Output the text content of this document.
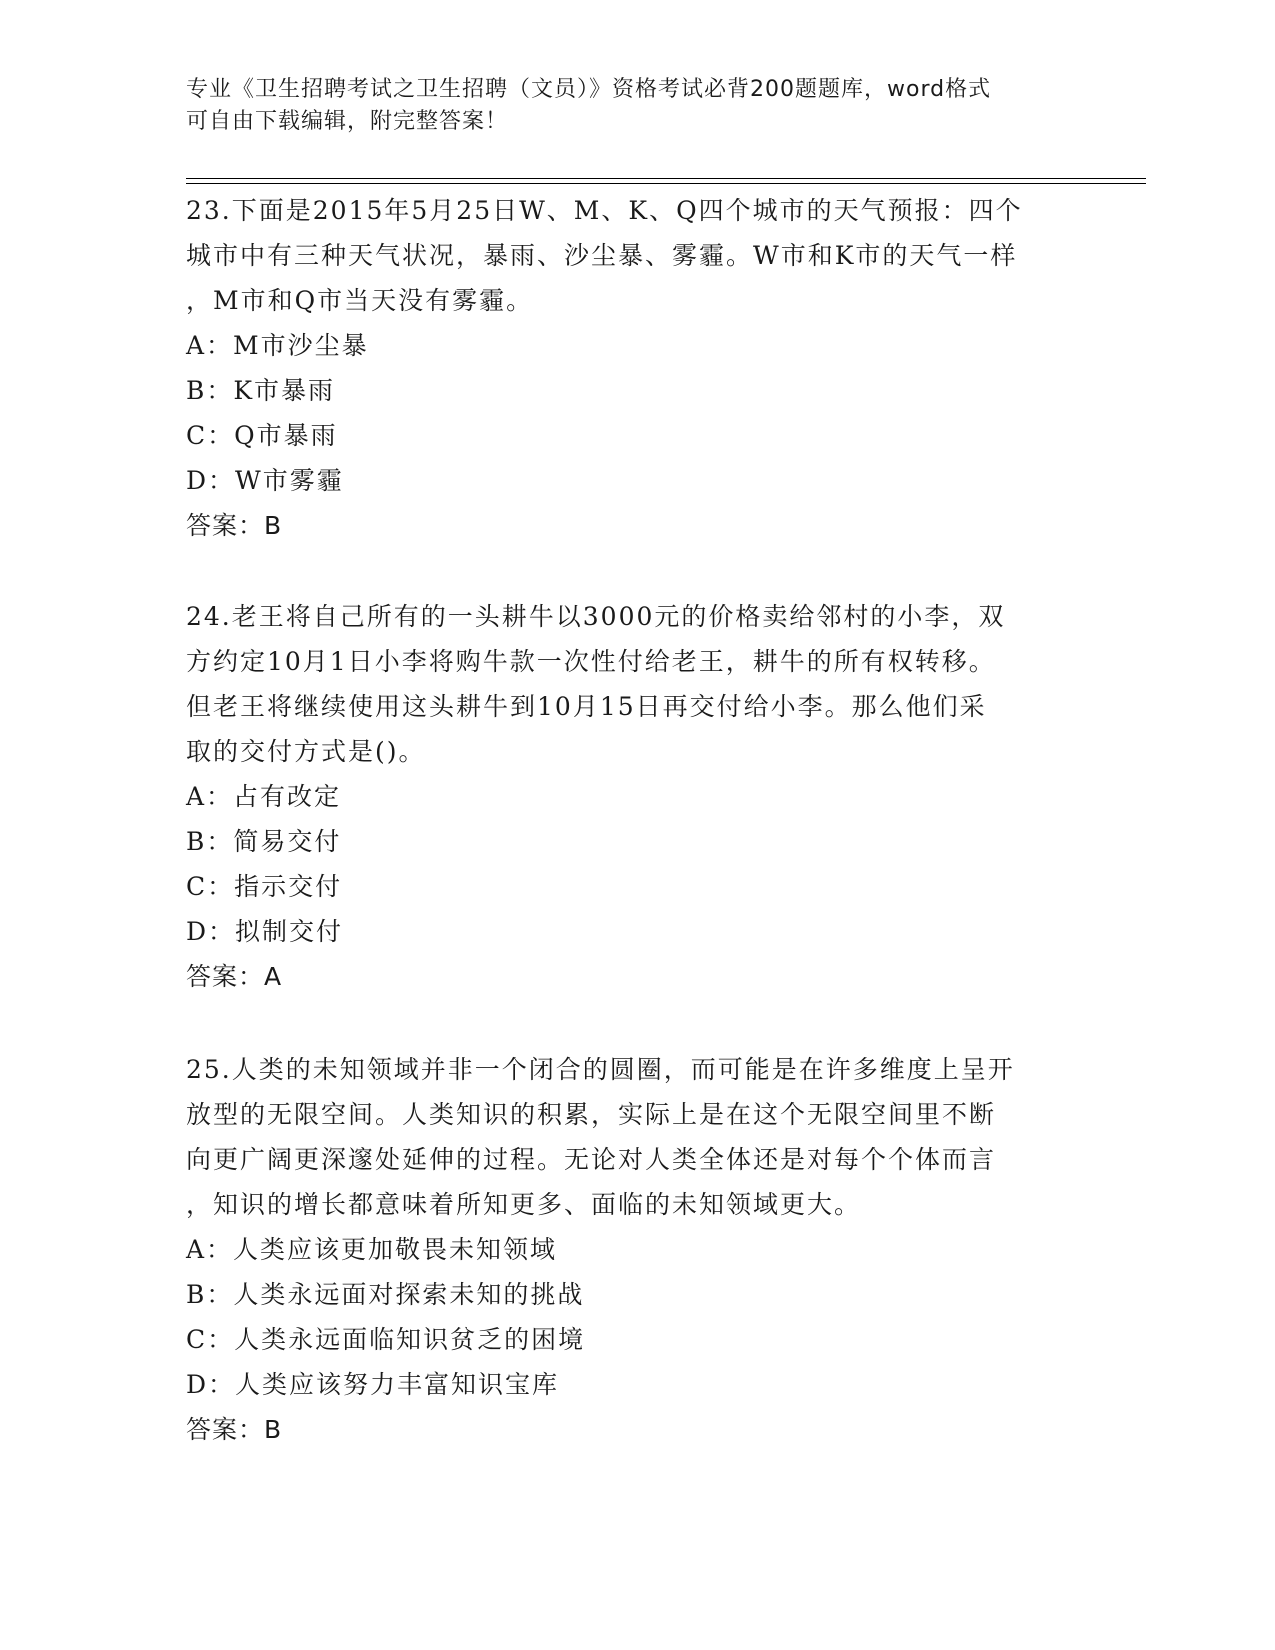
专业《卫生招聘考试之卫生招聘（文员）》资格考试必背200题题库，word格式
可自由下载编辑，附完整答案！
23.下面是2015年5月25日W、M、K、Q四个城市的天气预报：四个
城市中有三种天气状况，暴雨、沙尘暴、雾霾。W市和K市的天气一样
，M市和Q市当天没有雾霾。
A：M市沙尘暴
B：K市暴雨
C：Q市暴雨
D：W市雾霾
答案：B
24.老王将自己所有的一头耕牛以3000元的价格卖给邻村的小李，双
方约定10月1日小李将购牛款一次性付给老王，耕牛的所有权转移。
但老王将继续使用这头耕牛到10月15日再交付给小李。那么他们采
取的交付方式是()。
A：占有改定
B：简易交付
C：指示交付
D：拟制交付
答案：A
25.人类的未知领域并非一个闭合的圆圈，而可能是在许多维度上呈开
放型的无限空间。人类知识的积累，实际上是在这个无限空间里不断
向更广阔更深邃处延伸的过程。无论对人类全体还是对每个个体而言
，知识的增长都意味着所知更多、面临的未知领域更大。
A：人类应该更加敬畏未知领域
B：人类永远面对探索未知的挑战
C：人类永远面临知识贫乏的困境
D：人类应该努力丰富知识宝库
答案：B
